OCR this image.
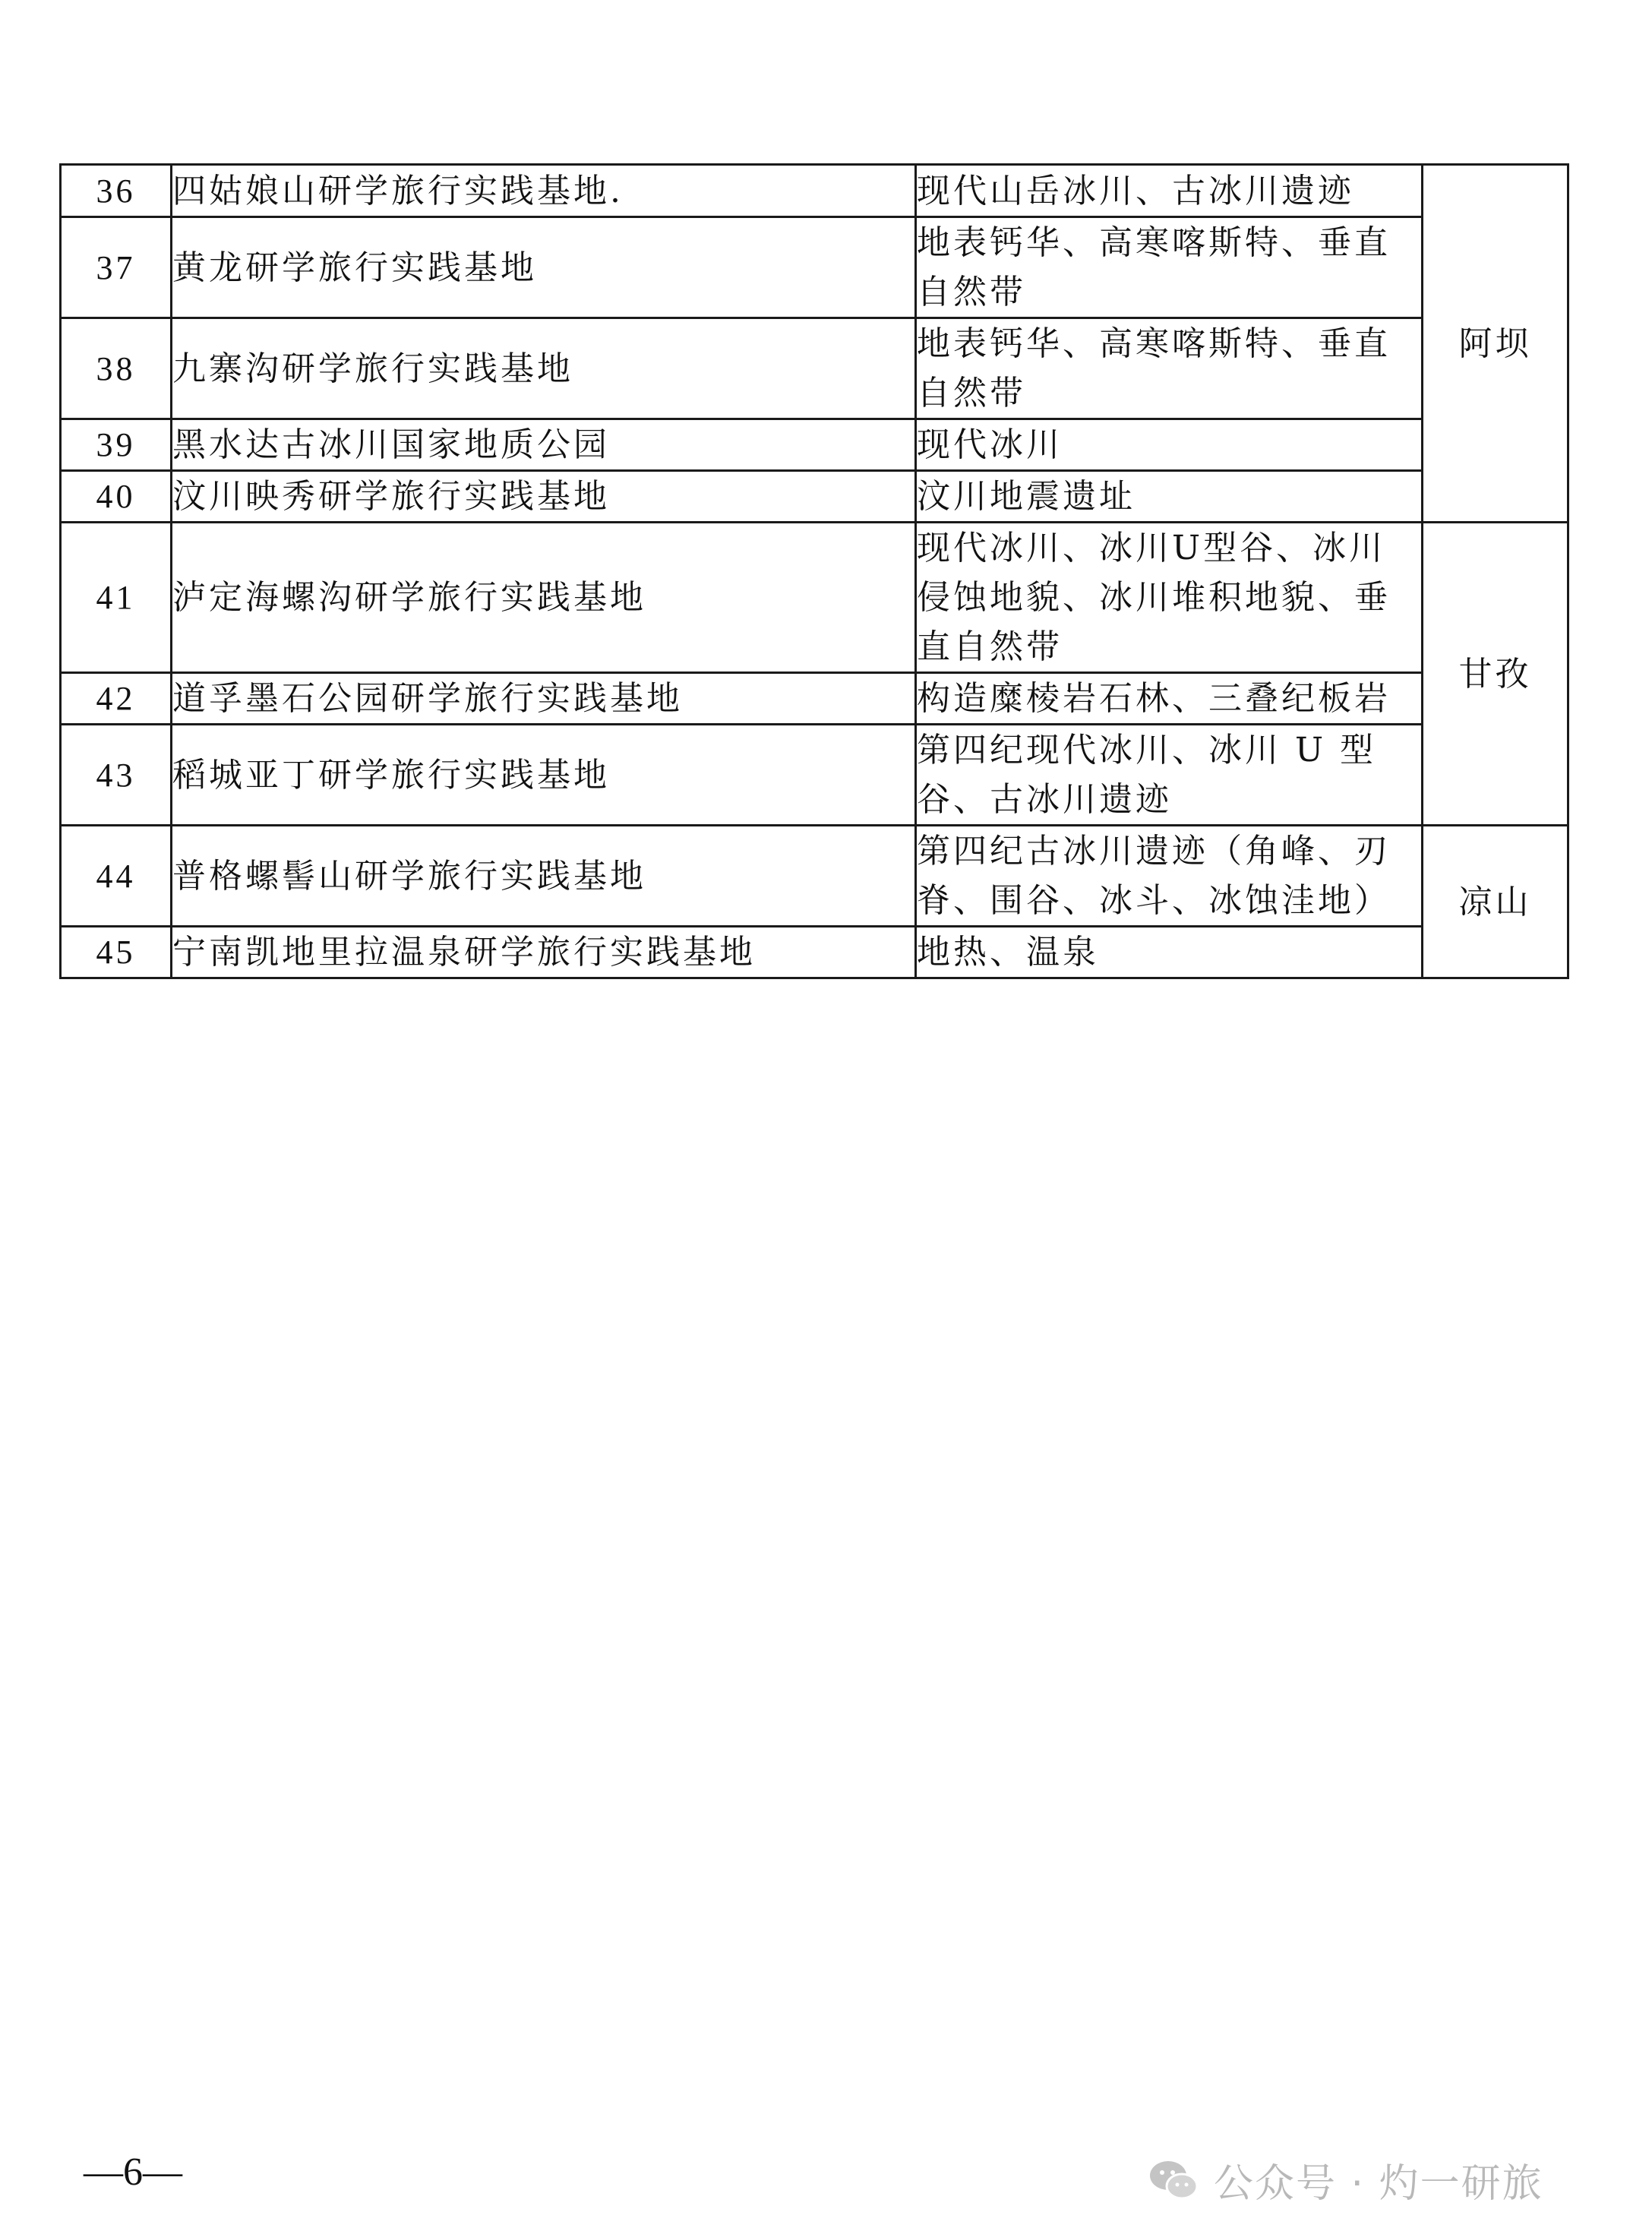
36	四姑娘山研学旅行实践基地.	现代山岳冰川、古冰川遗迹	阿坝
37	黄龙研学旅行实践基地	地表钙华、高寒喀斯特、垂直自然带	
38	九寨沟研学旅行实践基地	地表钙华、高寒喀斯特、垂直自然带	
39	黑水达古冰川国家地质公园	现代冰川	
40	汶川映秀研学旅行实践基地	汶川地震遗址	
41	泸定海螺沟研学旅行实践基地	现代冰川、冰川U型谷、冰川侵蚀地貌、冰川堆积地貌、垂直自然带	甘孜
42	道孚墨石公园研学旅行实践基地	构造糜棱岩石林、三叠纪板岩	
43	稻城亚丁研学旅行实践基地	第四纪现代冰川、冰川 U 型谷、古冰川遗迹	
44	普格螺髻山研学旅行实践基地	第四纪古冰川遗迹（角峰、刃脊、围谷、冰斗、冰蚀洼地）	凉山
45	宁南凯地里拉温泉研学旅行实践基地	地热、温泉	
—6—	公众号 · 灼一研旅
